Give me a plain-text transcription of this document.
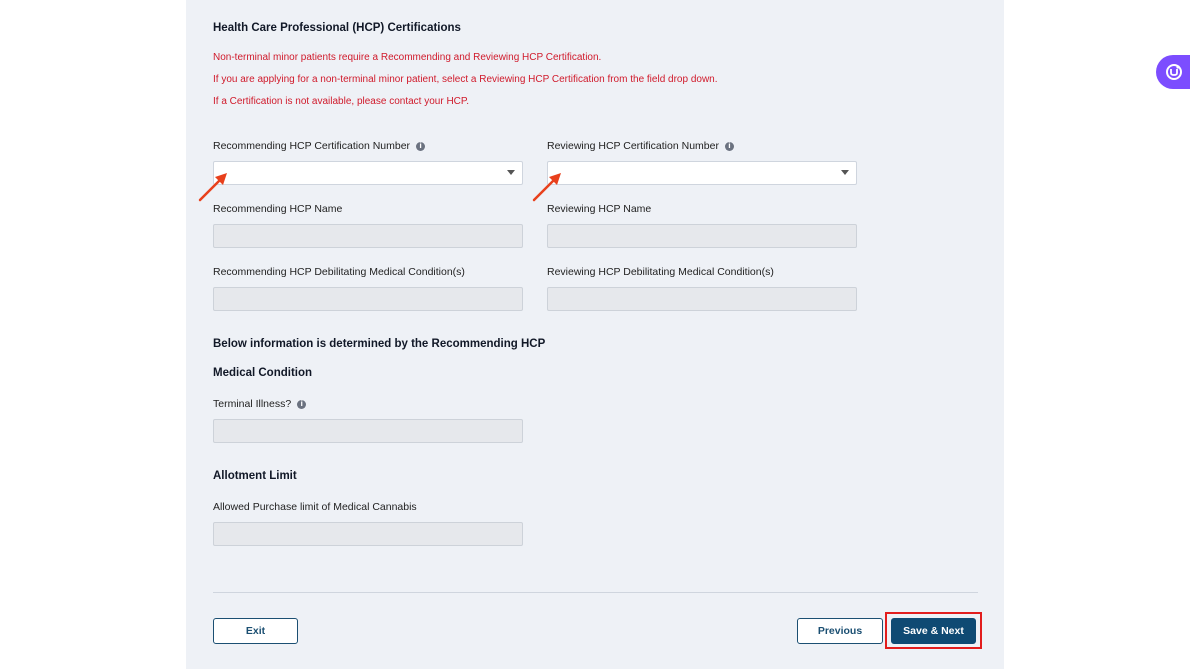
Health Care Professional (HCP) Certifications
Non-terminal minor patients require a Recommending and Reviewing HCP Certification.
If you are applying for a non-terminal minor patient, select a Reviewing HCP Certification from the field drop down.
If a Certification is not available, please contact your HCP.
Recommending HCP Certification Number	i	Reviewing HCP Certification Number	i
Recommending HCP Name	Reviewing HCP Name
Recommending HCP Debilitating Medical Condition(s)	Reviewing HCP Debilitating Medical Condition(s)
Below information is determined by the Recommending HCP
Medical Condition
Terminal Illness?	i
Allotment Limit
Allowed Purchase limit of Medical Cannabis
Exit	Previous	Save & Next
